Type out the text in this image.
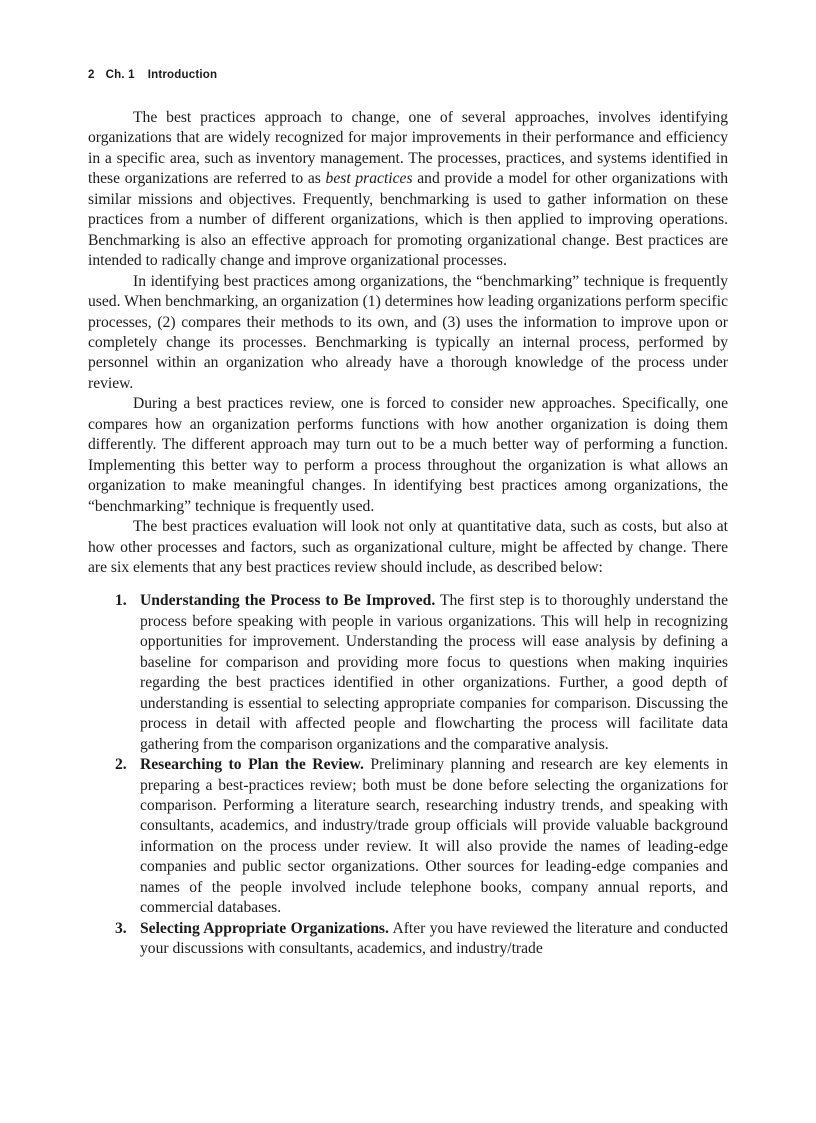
2 Ch. 1 Introduction

The best practices approach to change, one of several approaches, involves identifying organizations that are widely recognized for major improvements in their performance and efficiency in a specific area, such as inventory management. The processes, practices, and systems identified in these organizations are referred to as best practices and provide a model for other organizations with similar missions and objectives. Frequently, benchmarking is used to gather information on these practices from a number of different organizations, which is then applied to improving operations. Benchmarking is also an effective approach for promoting organizational change. Best practices are intended to radically change and improve organizational processes.

In identifying best practices among organizations, the “benchmarking” technique is frequently used. When benchmarking, an organization (1) determines how leading organizations perform specific processes, (2) compares their methods to its own, and (3) uses the information to improve upon or completely change its processes. Benchmarking is typically an internal process, performed by personnel within an organization who already have a thorough knowledge of the process under review.

During a best practices review, one is forced to consider new approaches. Specifically, one compares how an organization performs functions with how another organization is doing them differently. The different approach may turn out to be a much better way of performing a function. Implementing this better way to perform a process throughout the organization is what allows an organization to make meaningful changes. In identifying best practices among organizations, the “benchmarking” technique is frequently used.

The best practices evaluation will look not only at quantitative data, such as costs, but also at how other processes and factors, such as organizational culture, might be affected by change. There are six elements that any best practices review should include, as described below:

1. Understanding the Process to Be Improved. The first step is to thoroughly understand the process before speaking with people in various organizations. This will help in recognizing opportunities for improvement. Understanding the process will ease analysis by defining a baseline for comparison and providing more focus to questions when making inquiries regarding the best practices identified in other organizations. Further, a good depth of understanding is essential to selecting appropriate companies for comparison. Discussing the process in detail with affected people and flowcharting the process will facilitate data gathering from the comparison organizations and the comparative analysis.
2. Researching to Plan the Review. Preliminary planning and research are key elements in preparing a best-practices review; both must be done before selecting the organizations for comparison. Performing a literature search, researching industry trends, and speaking with consultants, academics, and industry/trade group officials will provide valuable background information on the process under review. It will also provide the names of leading-edge companies and public sector organizations. Other sources for leading-edge companies and names of the people involved include telephone books, company annual reports, and commercial databases.
3. Selecting Appropriate Organizations. After you have reviewed the literature and conducted your discussions with consultants, academics, and industry/trade
